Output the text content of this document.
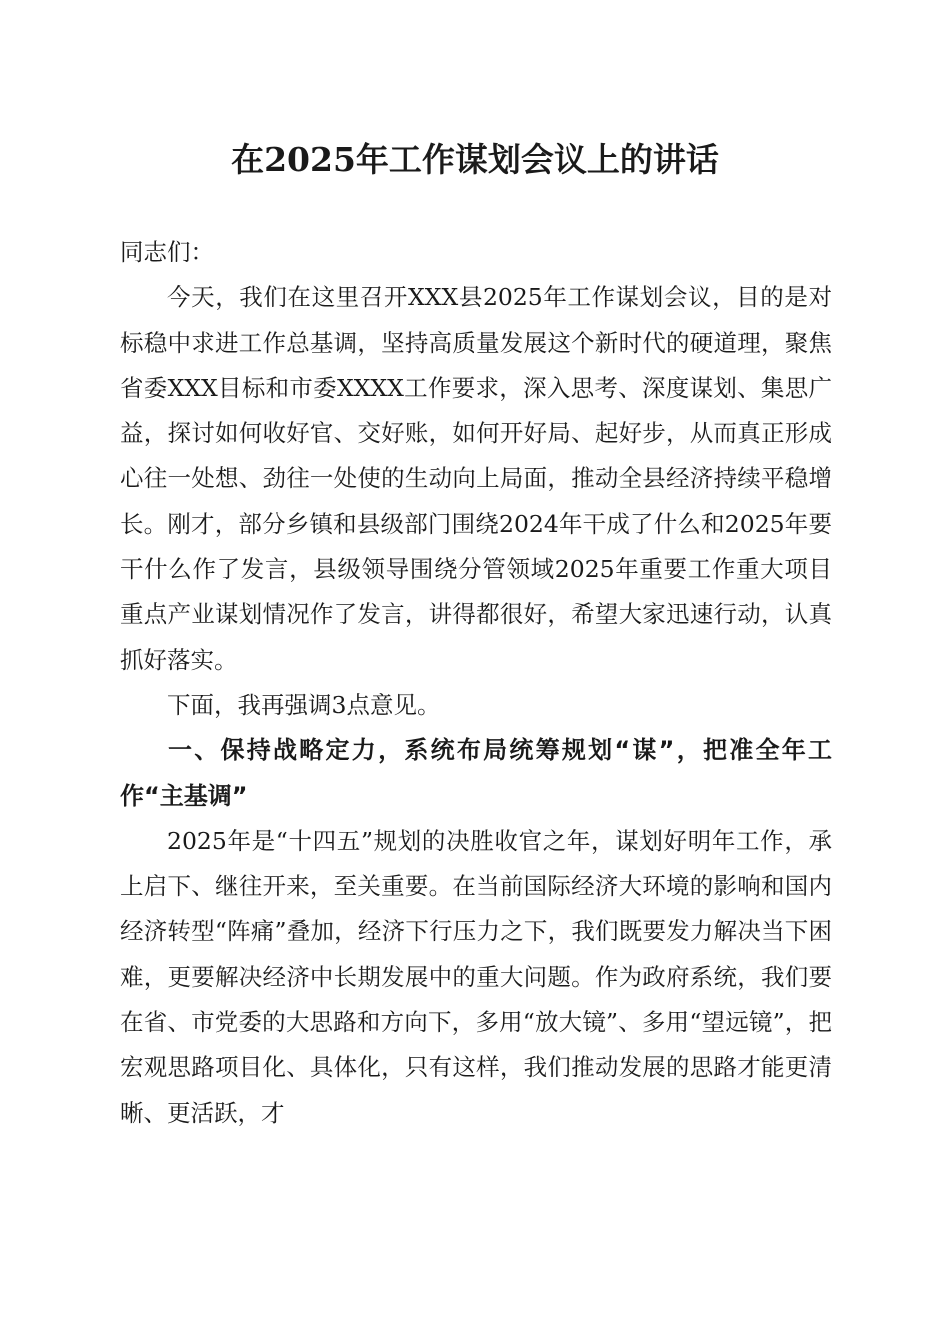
在2025年工作谋划会议上的讲话

同志们：

今天，我们在这里召开XXX县2025年工作谋划会议，目的是对标稳中求进工作总基调，坚持高质量发展这个新时代的硬道理，聚焦省委XXX目标和市委XXXX工作要求，深入思考、深度谋划、集思广益，探讨如何收好官、交好账，如何开好局、起好步，从而真正形成心往一处想、劲往一处使的生动向上局面，推动全县经济持续平稳增长。刚才，部分乡镇和县级部门围绕2024年干成了什么和2025年要干什么作了发言，县级领导围绕分管领域2025年重要工作重大项目重点产业谋划情况作了发言，讲得都很好，希望大家迅速行动，认真抓好落实。

下面，我再强调3点意见。

一、保持战略定力，系统布局统筹规划“谋”，把准全年工作“主基调”

2025年是“十四五”规划的决胜收官之年，谋划好明年工作，承上启下、继往开来，至关重要。在当前国际经济大环境的影响和国内经济转型“阵痛”叠加，经济下行压力之下，我们既要发力解决当下困难，更要解决经济中长期发展中的重大问题。作为政府系统，我们要在省、市党委的大思路和方向下，多用“放大镜”、多用“望远镜”，把宏观思路项目化、具体化，只有这样，我们推动发展的思路才能更清晰、更活跃，才
